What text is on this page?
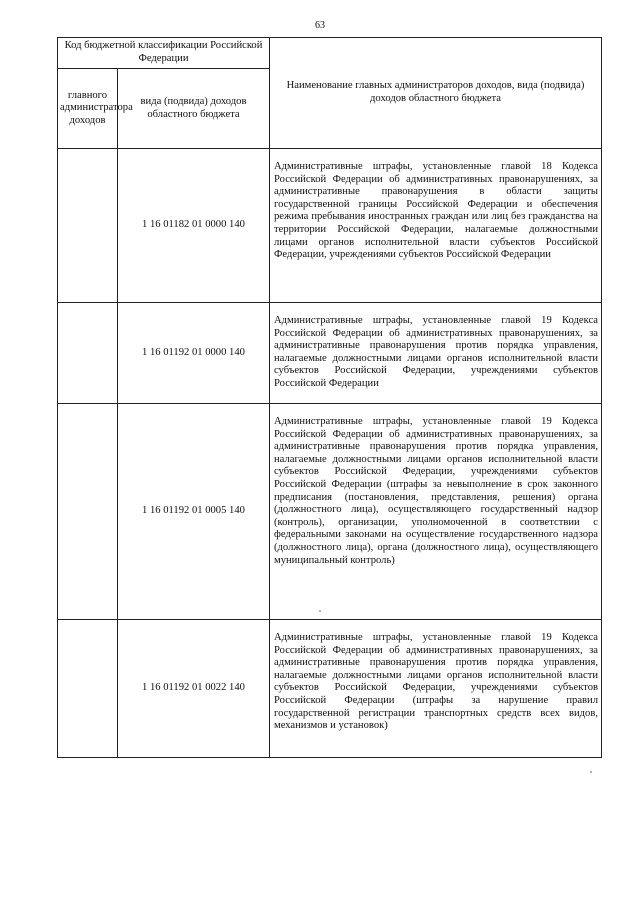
63
Код бюджетной классификации Российской Федерации		Наименование главных администраторов доходов, вида (подвида) доходов областного бюджета
главного администратора доходов	вида (подвида) доходов областного бюджета	
	1 16 01182 01 0000 140	Административные штрафы, установленные главой 18 Кодекса Российской Федерации об административных правонарушениях, за административные правонарушения в области защиты государственной границы Российской Федерации и обеспечения режима пребывания иностранных граждан или лиц без гражданства на территории Российской Федерации, налагаемые должностными лицами органов исполнительной власти субъектов Российской Федерации, учреждениями субъектов Российской Федерации
	1 16 01192 01 0000 140	Административные штрафы, установленные главой 19 Кодекса Российской Федерации об административных правонарушениях, за административные правонарушения против порядка управления, налагаемые должностными лицами органов исполнительной власти субъектов Российской Федерации, учреждениями субъектов Российской Федерации
	1 16 01192 01 0005 140	Административные штрафы, установленные главой 19 Кодекса Российской Федерации об административных правонарушениях, за административные правонарушения против порядка управления, налагаемые должностными лицами органов исполнительной власти субъектов Российской Федерации, учреждениями субъектов Российской Федерации (штрафы за невыполнение в срок законного предписания (постановления, представления, решения) органа (должностного лица), осуществляющего государственный надзор (контроль), организации, уполномоченной в соответствии с федеральными законами на осуществление государственного надзора (должностного лица), органа (должностного лица), осуществляющего муниципальный контроль)
	1 16 01192 01 0022 140	Административные штрафы, установленные главой 19 Кодекса Российской Федерации об административных правонарушениях, за административные правонарушения против порядка управления, налагаемые должностными лицами органов исполнительной власти субъектов Российской Федерации, учреждениями субъектов Российской Федерации (штрафы за нарушение правил государственной регистрации транспортных средств всех видов, механизмов и установок)
